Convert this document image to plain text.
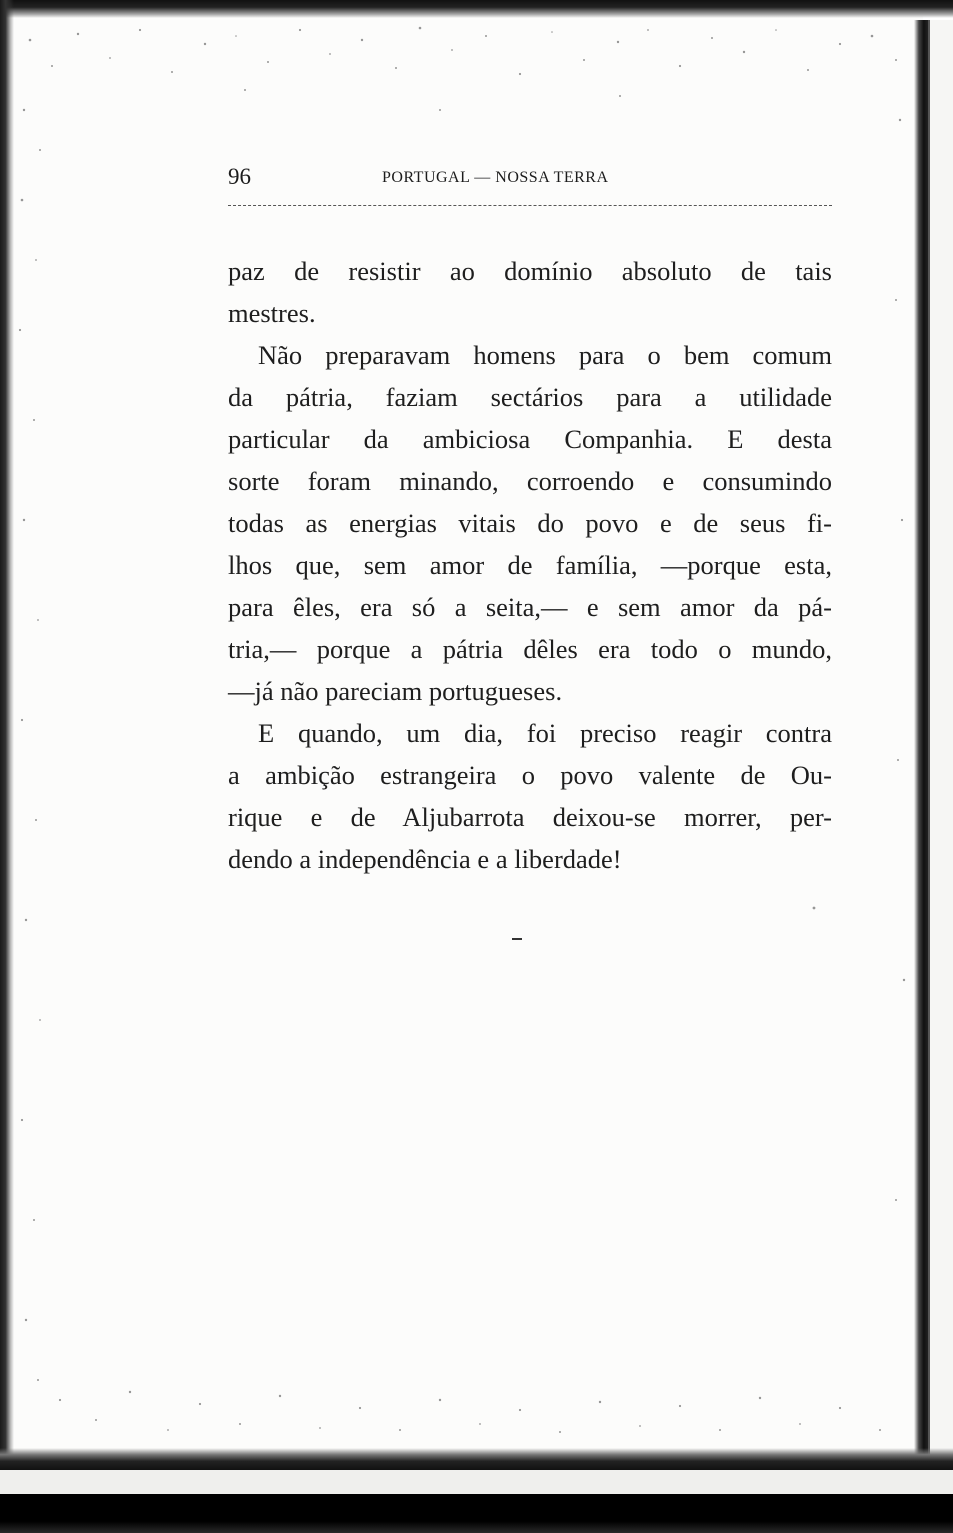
96	PORTUGAL — NOSSA TERRA
paz de resistir ao domínio absoluto de tais
mestres.
Não preparavam homens para o bem comum
da pátria, faziam sectários para a utilidade
particular da ambiciosa Companhia. E desta
sorte foram minando, corroendo e consumindo
todas as energias vitais do povo e de seus fi-
lhos que, sem amor de família, —porque esta,
para êles, era só a seita,— e sem amor da pá-
tria,— porque a pátria dêles era todo o mundo,
—já não pareciam portugueses.
E quando, um dia, foi preciso reagir contra
a ambição estrangeira o povo valente de Ou-
rique e de Aljubarrota deixou-se morrer, per-
dendo a independência e a liberdade!
